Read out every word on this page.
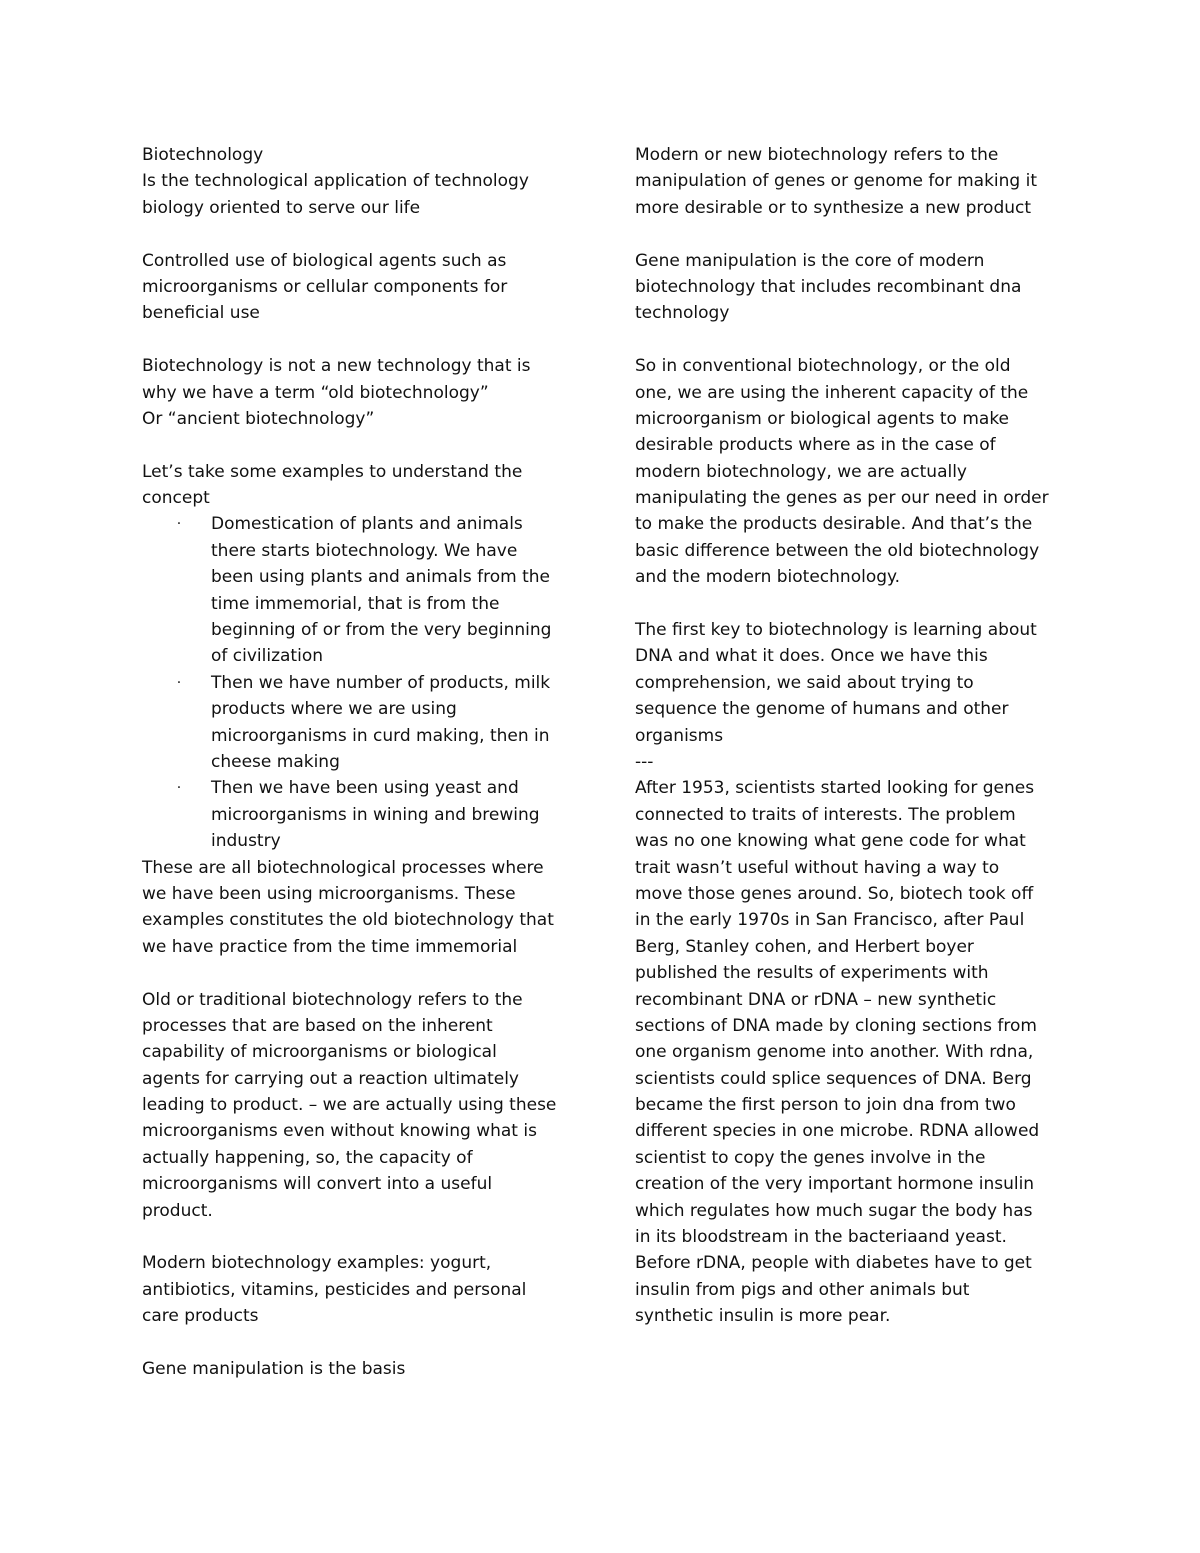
Biotechnology
Is the technological application of technology
biology oriented to serve our life
Controlled use of biological agents such as
microorganisms or cellular components for
beneficial use
Biotechnology is not a new technology that is
why we have a term “old biotechnology”
Or “ancient biotechnology”
Let’s take some examples to understand the
concept
· Domestication of plants and animals
there starts biotechnology. We have
been using plants and animals from the
time immemorial, that is from the
beginning of or from the very beginning
of civilization
· Then we have number of products, milk
products where we are using
microorganisms in curd making, then in
cheese making
· Then we have been using yeast and
microorganisms in wining and brewing
industry
These are all biotechnological processes where
we have been using microorganisms. These
examples constitutes the old biotechnology that
we have practice from the time immemorial
Old or traditional biotechnology refers to the
processes that are based on the inherent
capability of microorganisms or biological
agents for carrying out a reaction ultimately
leading to product. – we are actually using these
microorganisms even without knowing what is
actually happening, so, the capacity of
microorganisms will convert into a useful
product.
Modern biotechnology examples: yogurt,
antibiotics, vitamins, pesticides and personal
care products
Gene manipulation is the basis
Modern or new biotechnology refers to the
manipulation of genes or genome for making it
more desirable or to synthesize a new product
Gene manipulation is the core of modern
biotechnology that includes recombinant dna
technology
So in conventional biotechnology, or the old
one, we are using the inherent capacity of the
microorganism or biological agents to make
desirable products where as in the case of
modern biotechnology, we are actually
manipulating the genes as per our need in order
to make the products desirable. And that’s the
basic difference between the old biotechnology
and the modern biotechnology.
The first key to biotechnology is learning about
DNA and what it does. Once we have this
comprehension, we said about trying to
sequence the genome of humans and other
organisms
---
After 1953, scientists started looking for genes
connected to traits of interests. The problem
was no one knowing what gene code for what
trait wasn’t useful without having a way to
move those genes around. So, biotech took off
in the early 1970s in San Francisco, after Paul
Berg, Stanley cohen, and Herbert boyer
published the results of experiments with
recombinant DNA or rDNA – new synthetic
sections of DNA made by cloning sections from
one organism genome into another. With rdna,
scientists could splice sequences of DNA. Berg
became the first person to join dna from two
different species in one microbe. RDNA allowed
scientist to copy the genes involve in the
creation of the very important hormone insulin
which regulates how much sugar the body has
in its bloodstream in the bacteriaand yeast.
Before rDNA, people with diabetes have to get
insulin from pigs and other animals but
synthetic insulin is more pear.
